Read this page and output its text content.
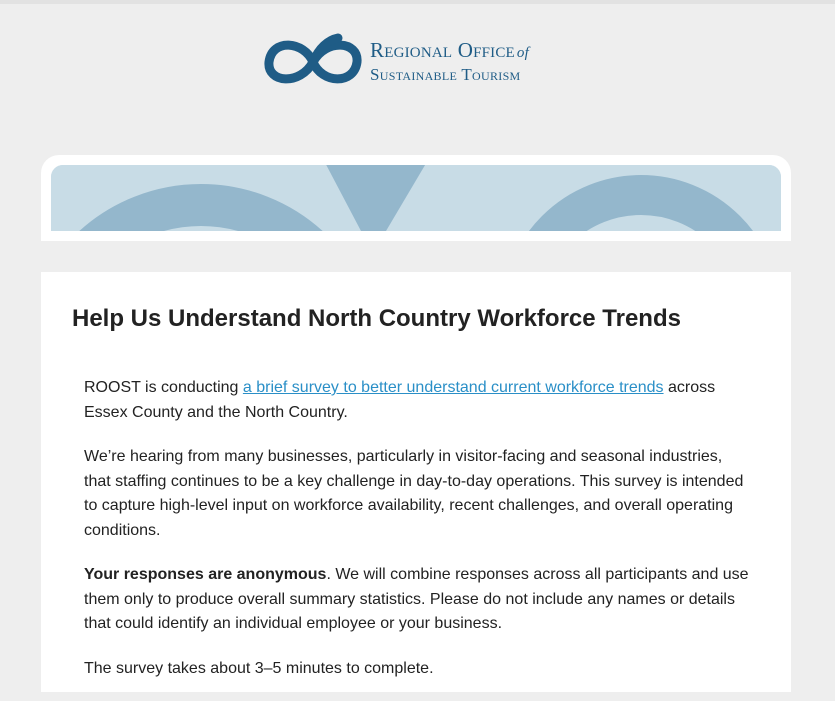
Regional Office of
Sustainable Tourism
Help Us Understand North Country Workforce Trends

ROOST is conducting a brief survey to better understand current workforce trends across Essex County and the North Country.

We’re hearing from many businesses, particularly in visitor-facing and seasonal industries, that staffing continues to be a key challenge in day-to-day operations. This survey is intended to capture high-level input on workforce availability, recent challenges, and overall operating conditions.

Your responses are anonymous. We will combine responses across all participants and use them only to produce overall summary statistics. Please do not include any names or details that could identify an individual employee or your business.

The survey takes about 3–5 minutes to complete.
